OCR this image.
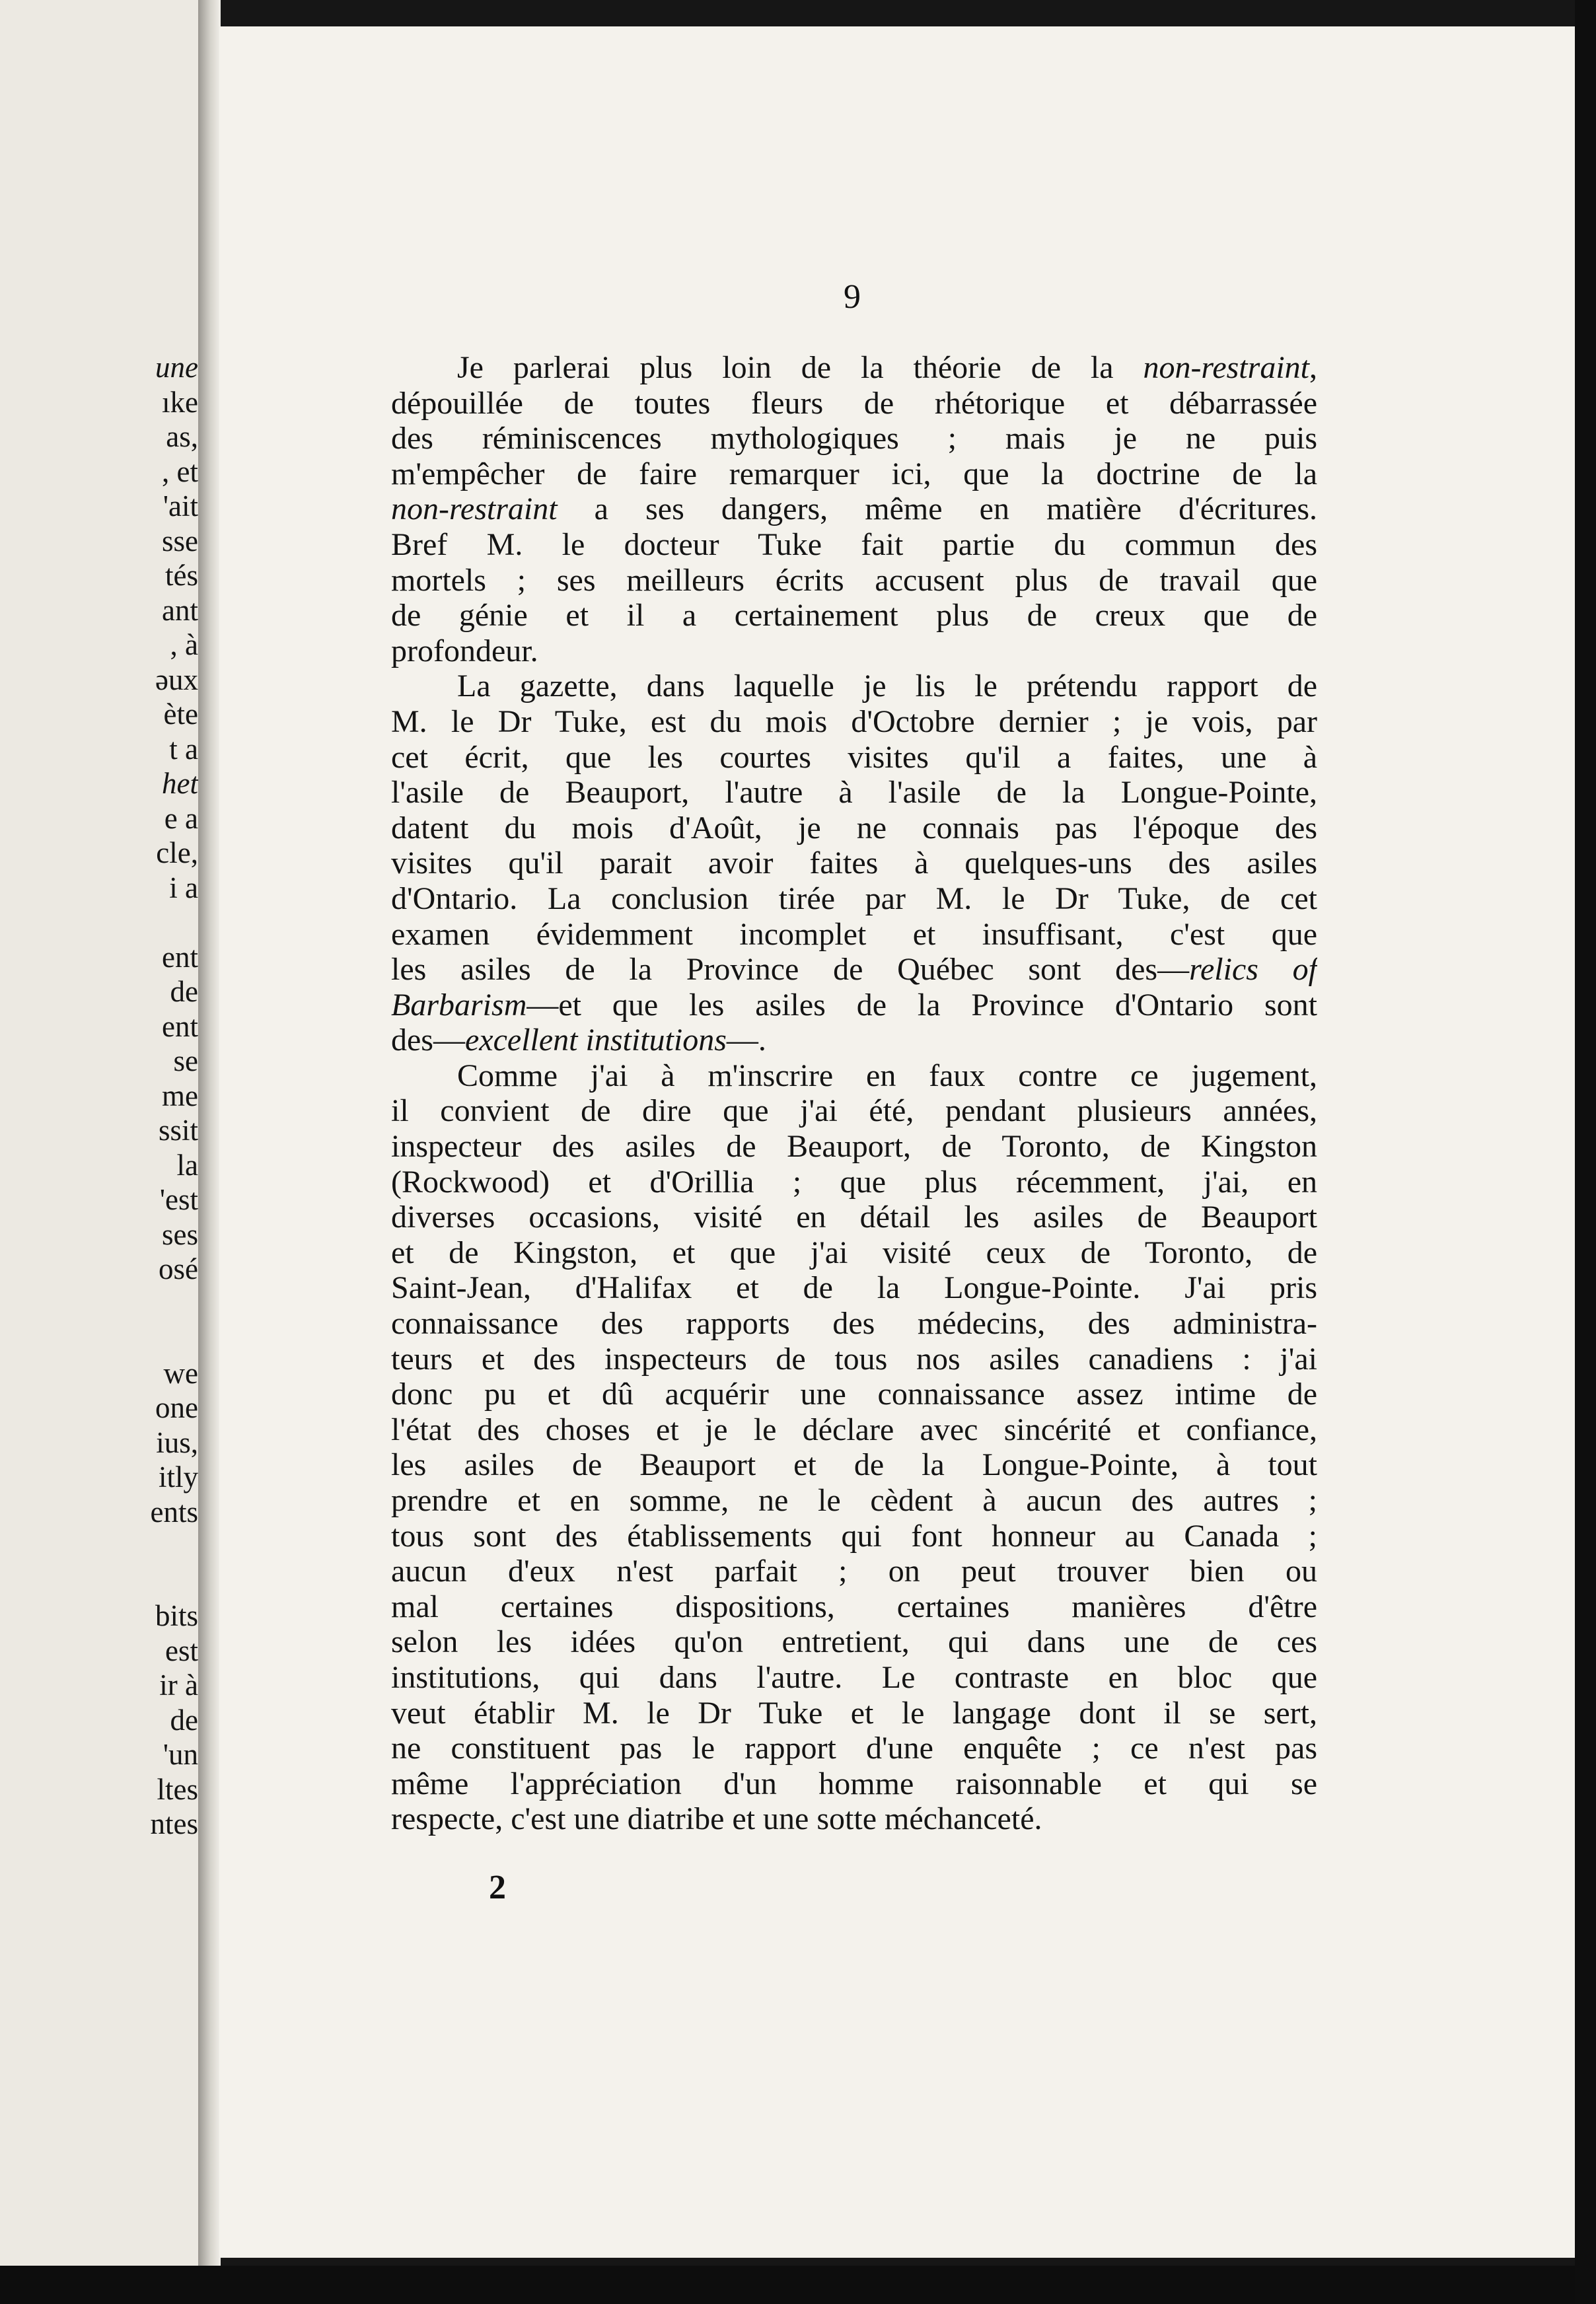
une
ıke
as,
, et
'ait
sse
tés
ant
, à
əux
ète
t a
het
e a
cle,
i a

ent
de
ent
se
me
ssit
la
'est
ses
osé

we
one
ius,
itly
ents

bits
est
ir à
de
'un
ltes
ntes
9
Je parlerai plus loin de la théorie de la non-restraint,
dépouillée de toutes fleurs de rhétorique et débarrassée
des réminiscences mythologiques ; mais je ne puis
m'empêcher de faire remarquer ici, que la doctrine de la
non-restraint a ses dangers, même en matière d'écritures.
Bref M. le docteur Tuke fait partie du commun des
mortels ; ses meilleurs écrits accusent plus de travail que
de génie et il a certainement plus de creux que de
profondeur.
La gazette, dans laquelle je lis le prétendu rapport de
M. le Dr Tuke, est du mois d'Octobre dernier ; je vois, par
cet écrit, que les courtes visites qu'il a faites, une à
l'asile de Beauport, l'autre à l'asile de la Longue-Pointe,
datent du mois d'Août, je ne connais pas l'époque des
visites qu'il parait avoir faites à quelques-uns des asiles
d'Ontario. La conclusion tirée par M. le Dr Tuke, de cet
examen évidemment incomplet et insuffisant, c'est que
les asiles de la Province de Québec sont des—relics of
Barbarism—et que les asiles de la Province d'Ontario sont
des—excellent institutions—.
Comme j'ai à m'inscrire en faux contre ce jugement,
il convient de dire que j'ai été, pendant plusieurs années,
inspecteur des asiles de Beauport, de Toronto, de Kingston
(Rockwood) et d'Orillia ; que plus récemment, j'ai, en
diverses occasions, visité en détail les asiles de Beauport
et de Kingston, et que j'ai visité ceux de Toronto, de
Saint-Jean, d'Halifax et de la Longue-Pointe. J'ai pris
connaissance des rapports des médecins, des administra-
teurs et des inspecteurs de tous nos asiles canadiens : j'ai
donc pu et dû acquérir une connaissance assez intime de
l'état des choses et je le déclare avec sincérité et confiance,
les asiles de Beauport et de la Longue-Pointe, à tout
prendre et en somme, ne le cèdent à aucun des autres ;
tous sont des établissements qui font honneur au Canada ;
aucun d'eux n'est parfait ; on peut trouver bien ou
mal certaines dispositions, certaines manières d'être
selon les idées qu'on entretient, qui dans une de ces
institutions, qui dans l'autre. Le contraste en bloc que
veut établir M. le Dr Tuke et le langage dont il se sert,
ne constituent pas le rapport d'une enquête ; ce n'est pas
même l'appréciation d'un homme raisonnable et qui se
respecte, c'est une diatribe et une sotte méchanceté.
2
